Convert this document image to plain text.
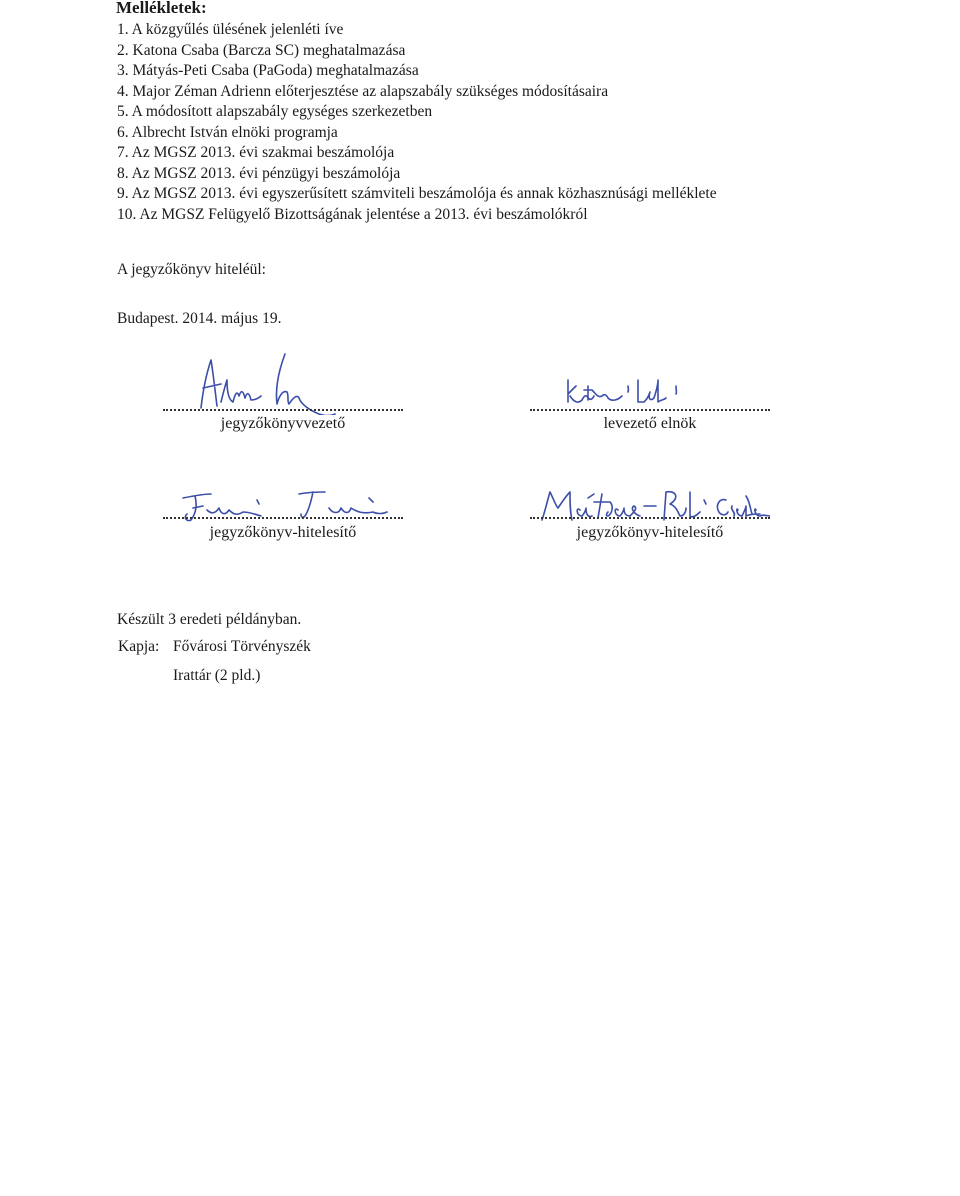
Mellékletek:

1. A közgyűlés ülésének jelenléti íve
2. Katona Csaba (Barcza SC) meghatalmazása
3. Mátyás-Peti Csaba (PaGoda) meghatalmazása
4. Major Zéman Adrienn előterjesztése az alapszabály szükséges módosításaira
5. A módosított alapszabály egységes szerkezetben
6. Albrecht István elnöki programja
7. Az MGSZ 2013. évi szakmai beszámolója
8. Az MGSZ 2013. évi pénzügyi beszámolója
9. Az MGSZ 2013. évi egyszerűsített számviteli beszámolója és annak közhasznúsági melléklete
10. Az MGSZ Felügyelő Bizottságának jelentése a 2013. évi beszámolókról

A jegyzőkönyv hiteléül:

Budapest. 2014. május 19.

jegyzőkönyvvezető	levezető elnök
jegyzőkönyv-hitelesítő	jegyzőkönyv-hitelesítő

Készült 3 eredeti példányban.

Kapja: Fővárosi Törvényszék
Irattár (2 pld.)
